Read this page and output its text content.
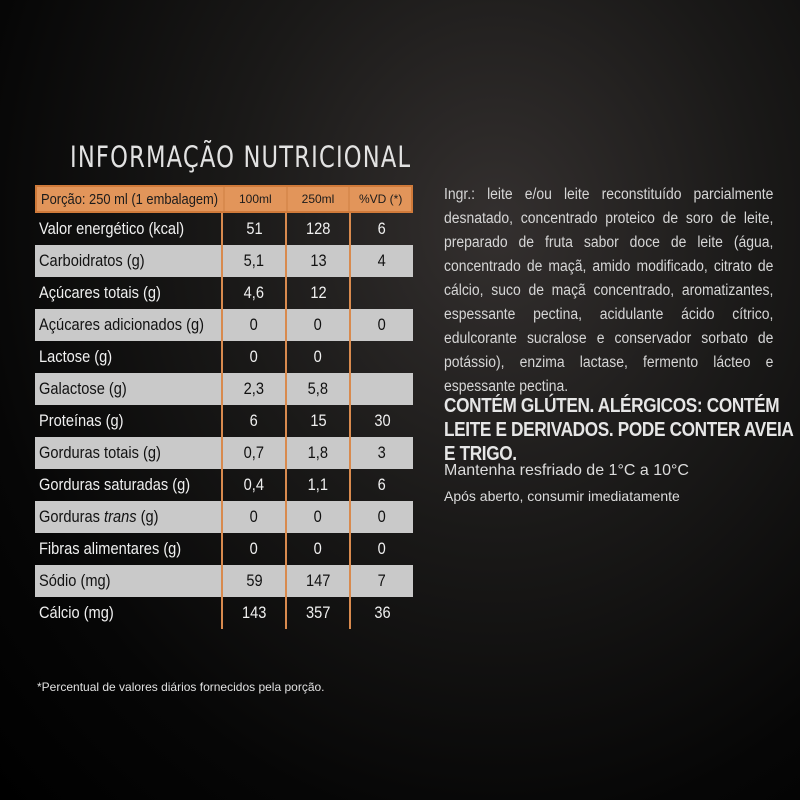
INFORMAÇÃO NUTRICIONAL
Porção: 250 ml (1 embalagem)	100ml	250ml	%VD (*)
Valor energético (kcal)	51	128	6
Carboidratos (g)	5,1	13	4
Açúcares totais (g)	4,6	12
Açúcares adicionados (g)	0	0	0
Lactose (g)	0	0
Galactose (g)	2,3	5,8
Proteínas (g)	6	15	30
Gorduras totais (g)	0,7	1,8	3
Gorduras saturadas (g)	0,4	1,1	6
Gorduras trans (g)	0	0	0
Fibras alimentares (g)	0	0	0
Sódio (mg)	59	147	7
Cálcio (mg)	143 357	36
*Percentual de valores diários fornecidos pela porção.
Ingr.: leite e/ou leite reconstituído parcialmente desnatado, concentrado proteico de soro de leite, preparado de fruta sabor doce de leite (água, concentrado de maçã, amido modificado, citrato de cálcio, suco de maçã concentrado, aromatizantes, espessante pectina, acidulante ácido cítrico, edulcorante sucralose e conservador sorbato de potássio), enzima lactase, fermento lácteo e espessante pectina.
CONTÉM GLÚTEN. ALÉRGICOS: CONTÉM LEITE E DERIVADOS. PODE CONTER AVEIA E TRIGO.
Mantenha resfriado de 1°C a 10°C
Após aberto, consumir imediatamente
